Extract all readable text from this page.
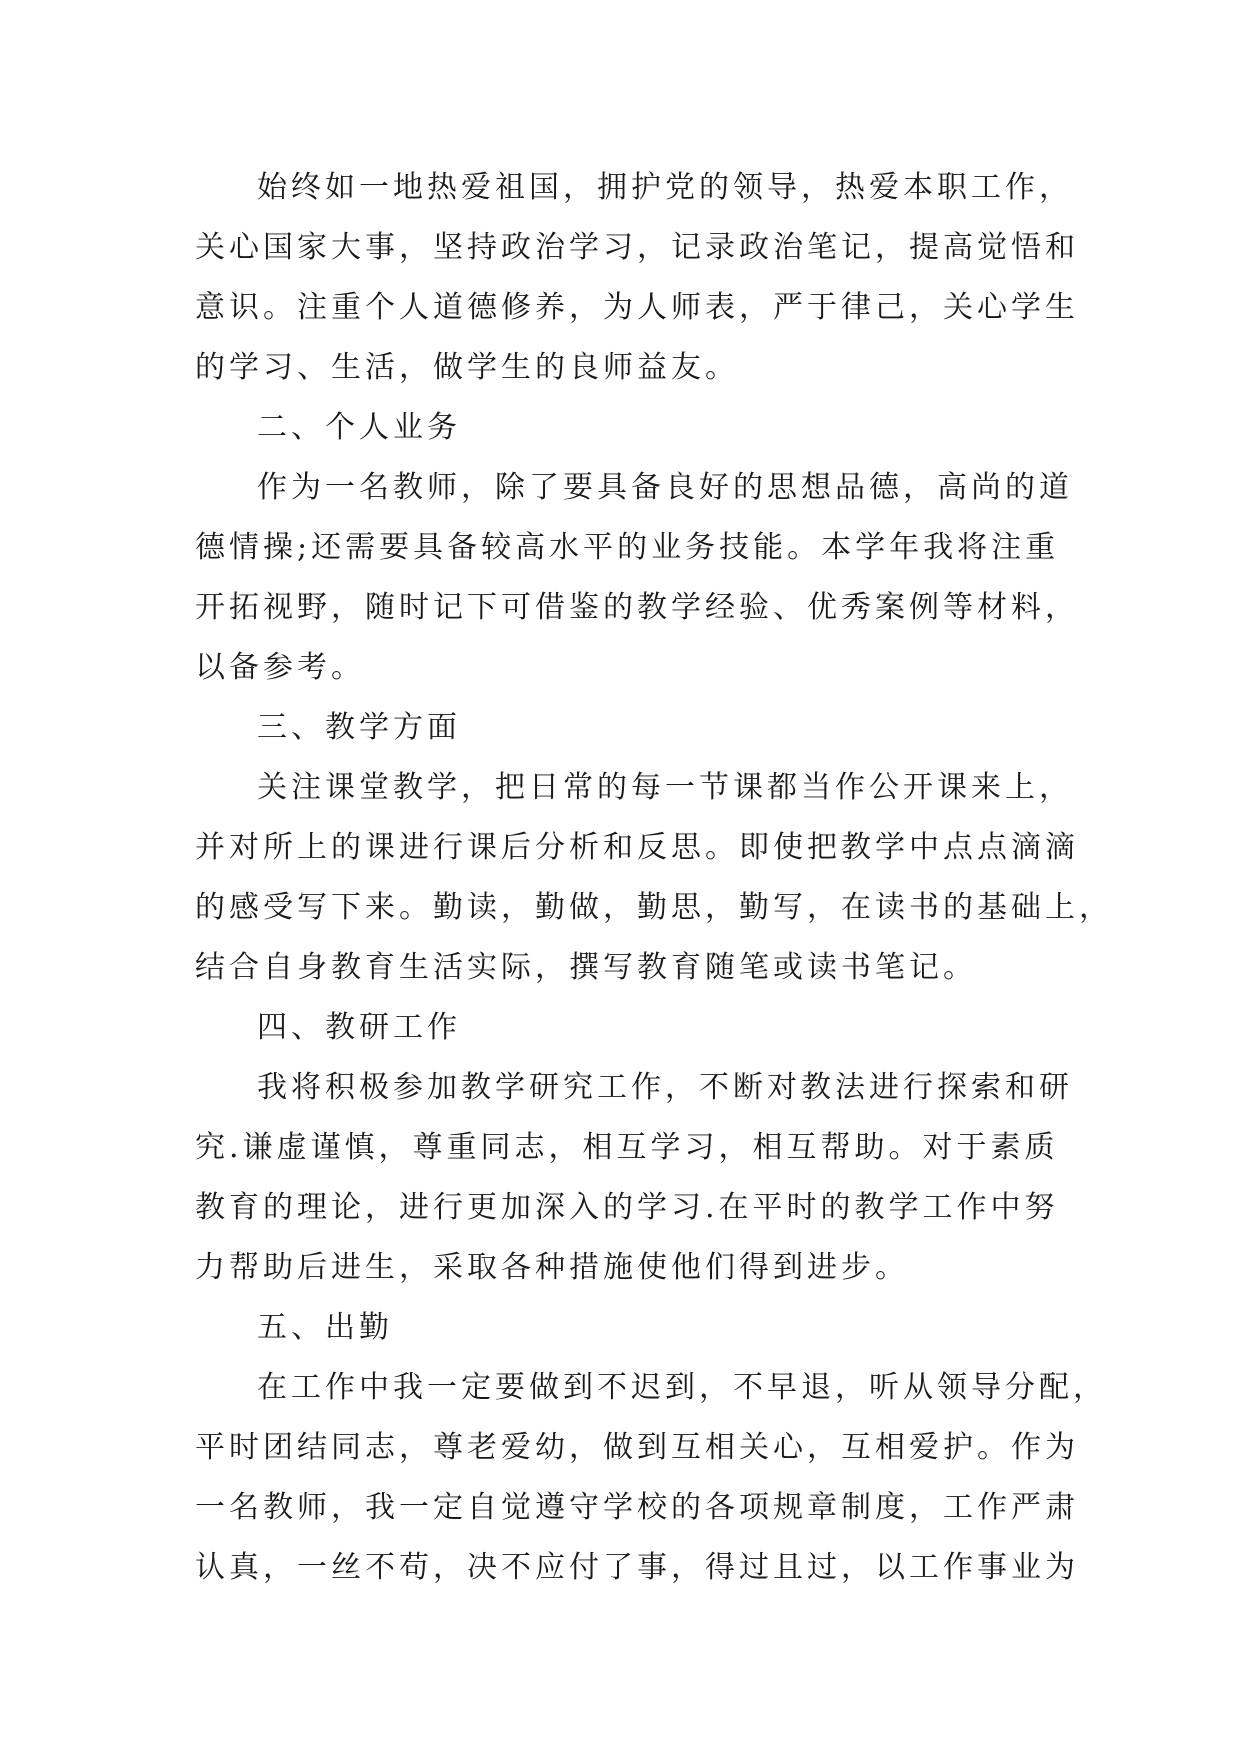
始终如一地热爱祖国，拥护党的领导，热爱本职工作，
关心国家大事，坚持政治学习，记录政治笔记，提高觉悟和
意识。注重个人道德修养，为人师表，严于律己，关心学生
的学习、生活，做学生的良师益友。
二、个人业务
作为一名教师，除了要具备良好的思想品德，高尚的道
德情操;还需要具备较高水平的业务技能。本学年我将注重
开拓视野，随时记下可借鉴的教学经验、优秀案例等材料，
以备参考。
三、教学方面
关注课堂教学，把日常的每一节课都当作公开课来上，
并对所上的课进行课后分析和反思。即使把教学中点点滴滴
的感受写下来。勤读，勤做，勤思，勤写，在读书的基础上，
结合自身教育生活实际，撰写教育随笔或读书笔记。
四、教研工作
我将积极参加教学研究工作，不断对教法进行探索和研
究.谦虚谨慎，尊重同志，相互学习，相互帮助。对于素质
教育的理论，进行更加深入的学习.在平时的教学工作中努
力帮助后进生，采取各种措施使他们得到进步。
五、出勤
在工作中我一定要做到不迟到，不早退，听从领导分配，
平时团结同志，尊老爱幼，做到互相关心，互相爱护。作为
一名教师，我一定自觉遵守学校的各项规章制度，工作严肃
认真，一丝不苟，决不应付了事，得过且过，以工作事业为
